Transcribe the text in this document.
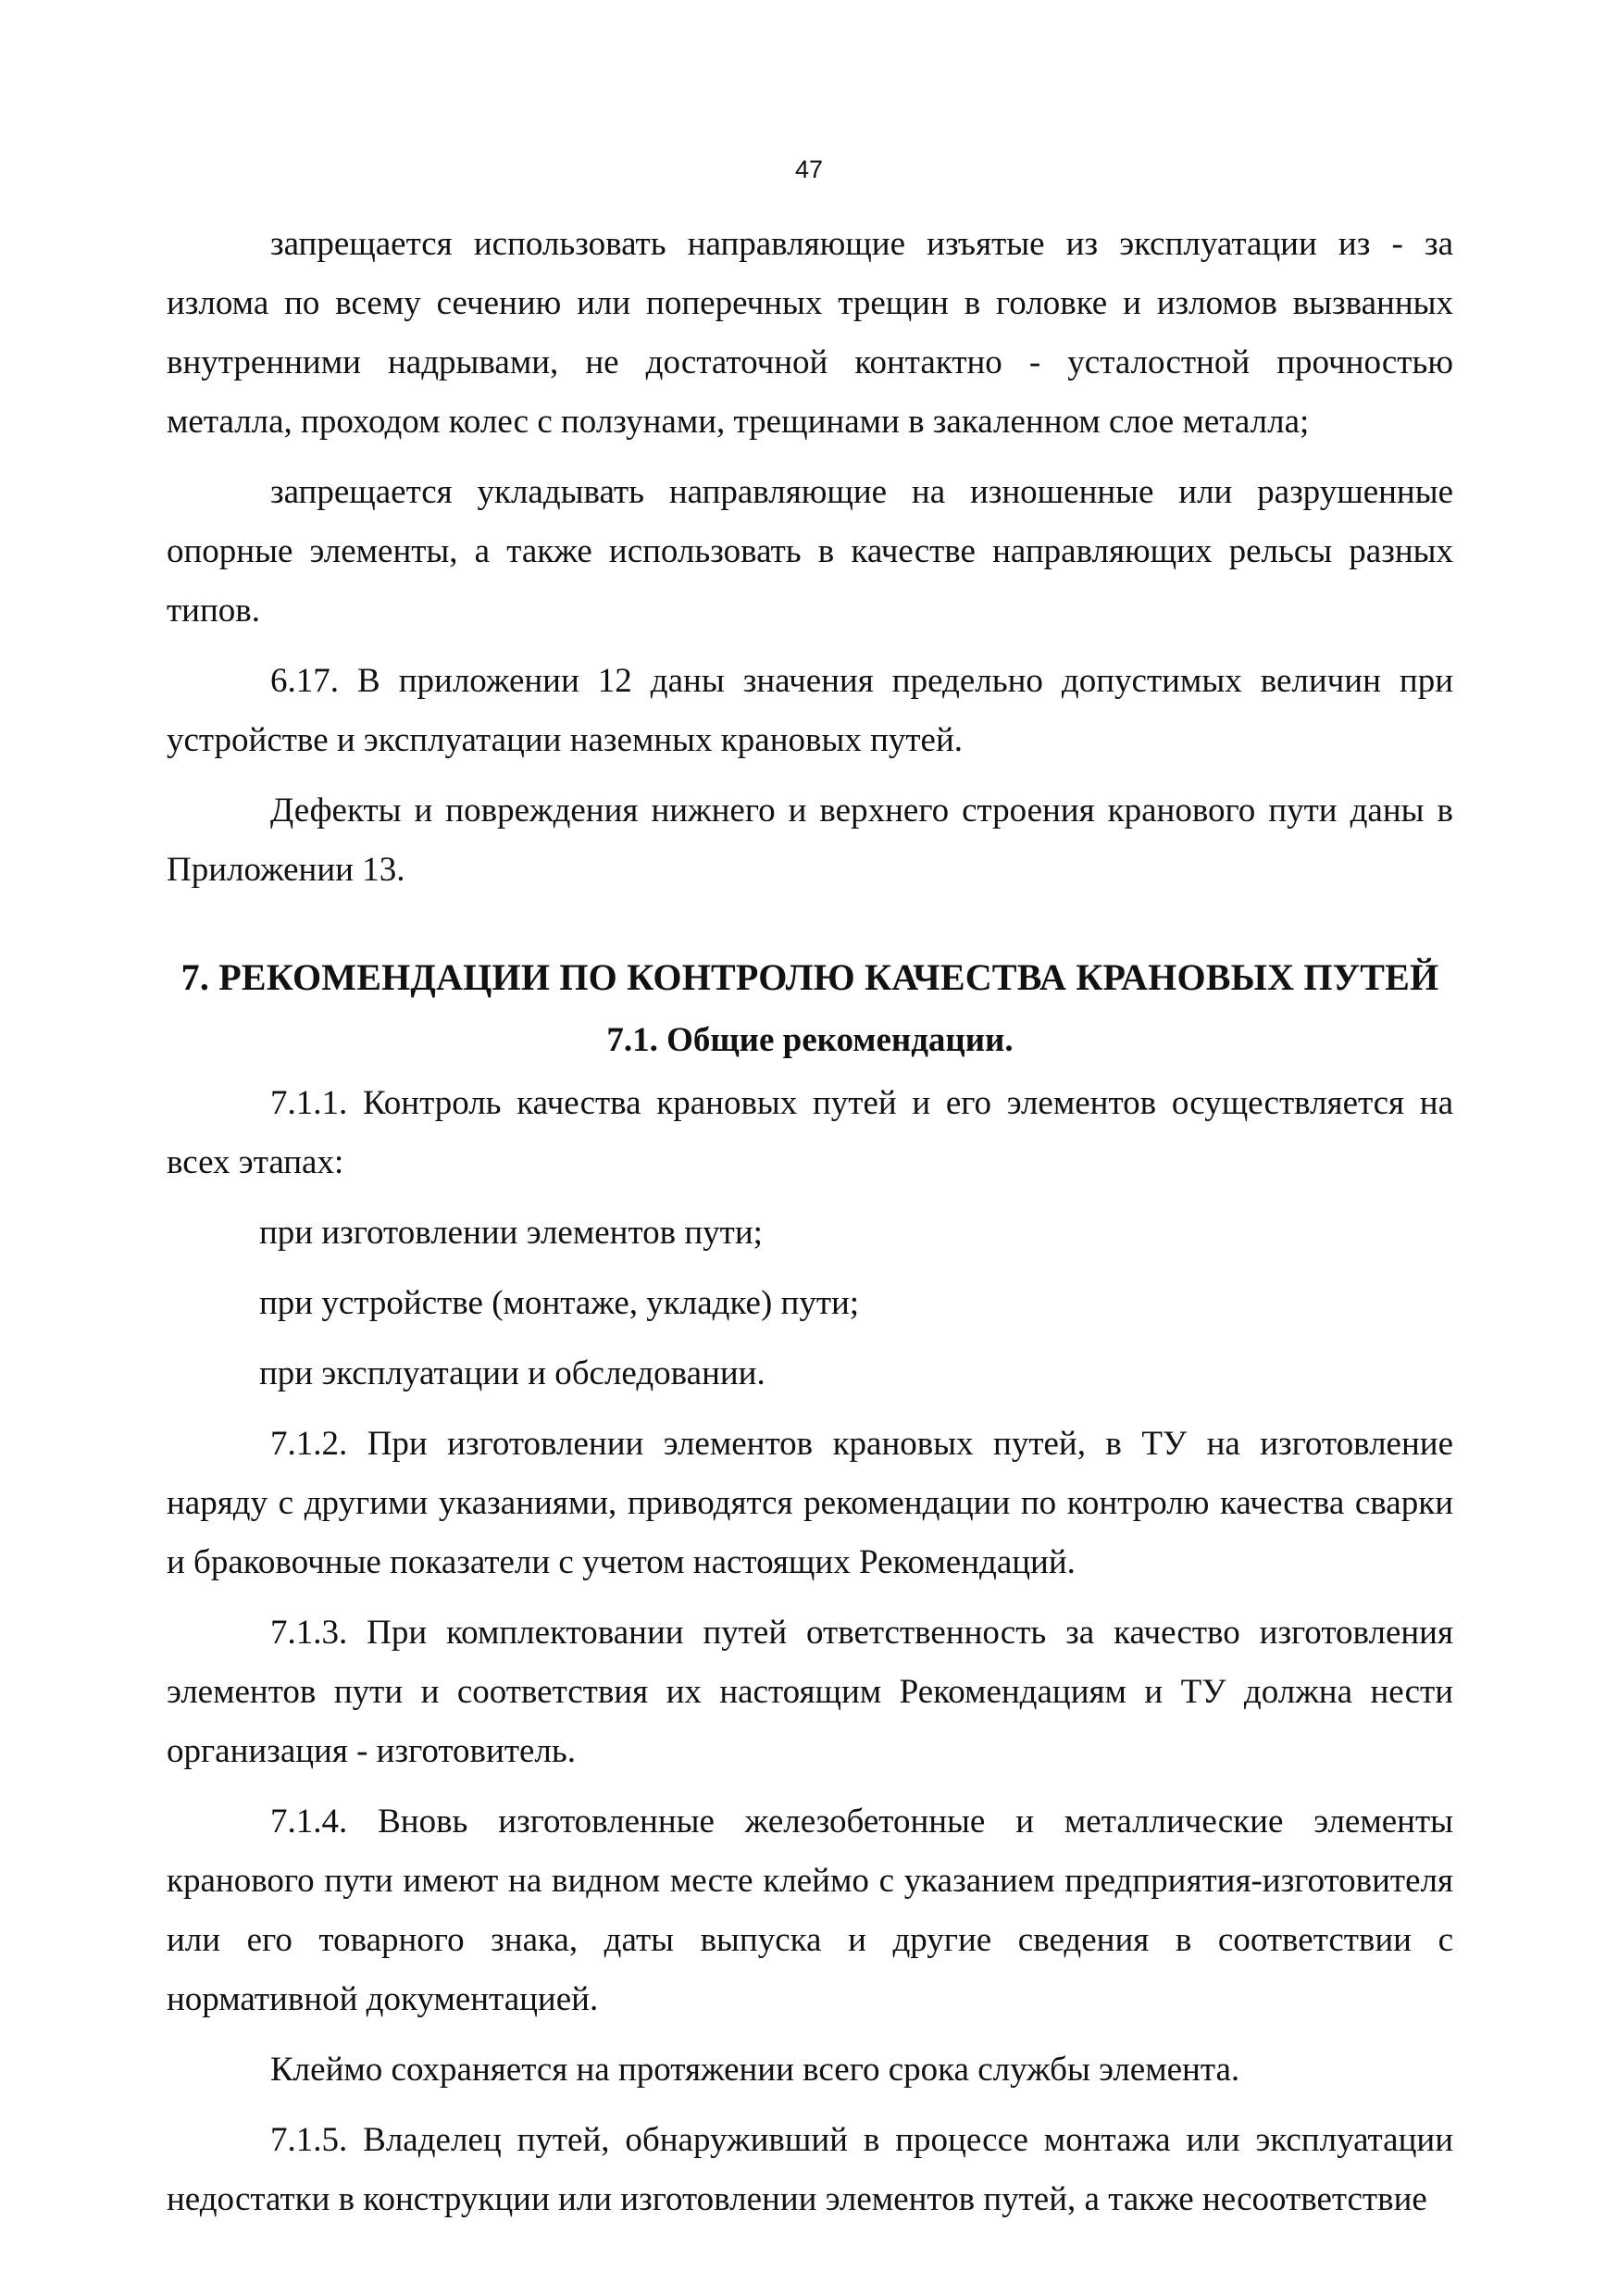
47

запрещается использовать направляющие изъятые из эксплуатации из - за излома по всему сечению или поперечных трещин в головке и изломов вызванных внутренними надрывами, не достаточной контактно - усталостной прочностью металла, проходом колес с ползунами, трещинами в закаленном слое металла;

запрещается укладывать направляющие на изношенные или разрушенные опорные элементы, а также использовать в качестве направляющих рельсы разных типов.

6.17. В приложении 12 даны значения предельно допустимых величин при устройстве и эксплуатации наземных крановых путей.

Дефекты и повреждения нижнего и верхнего строения кранового пути даны в Приложении 13.

7. РЕКОМЕНДАЦИИ ПО КОНТРОЛЮ КАЧЕСТВА КРАНОВЫХ ПУТЕЙ

7.1. Общие рекомендации.

7.1.1. Контроль качества крановых путей и его элементов осуществляется на всех этапах:

при изготовлении элементов пути;

при устройстве (монтаже, укладке) пути;

при эксплуатации и обследовании.

7.1.2. При изготовлении элементов крановых путей, в ТУ на изготовление наряду с другими указаниями, приводятся рекомендации по контролю качества сварки и браковочные показатели с учетом настоящих Рекомендаций.

7.1.3. При комплектовании путей ответственность за качество изготовления элементов пути и соответствия их настоящим Рекомендациям и ТУ должна нести организация - изготовитель.

7.1.4. Вновь изготовленные железобетонные и металлические элементы кранового пути имеют на видном месте клеймо с указанием предприятия-изготовителя или его товарного знака, даты выпуска и другие сведения в соответствии с нормативной документацией.

Клеймо сохраняется на протяжении всего срока службы элемента.

7.1.5. Владелец путей, обнаруживший в процессе монтажа или эксплуатации недостатки в конструкции или изготовлении элементов путей, а также несоответствие
